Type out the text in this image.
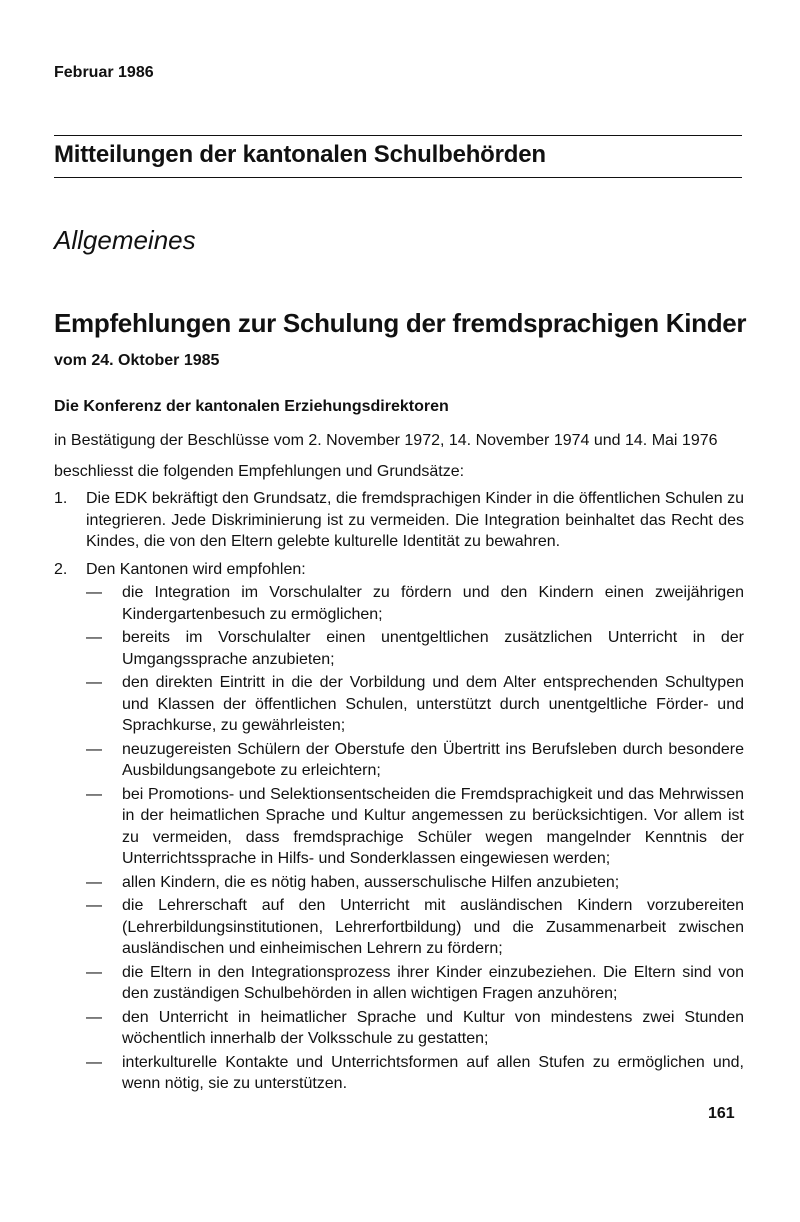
Februar 1986
Mitteilungen der kantonalen Schulbehörden
Allgemeines
Empfehlungen zur Schulung der fremdsprachigen Kinder
vom 24. Oktober 1985
Die Konferenz der kantonalen Erziehungsdirektoren
in Bestätigung der Beschlüsse vom 2. November 1972, 14. November 1974 und 14. Mai 1976
beschliesst die folgenden Empfehlungen und Grundsätze:
1.	Die EDK bekräftigt den Grundsatz, die fremdsprachigen Kinder in die öffentlichen Schulen zu integrieren. Jede Diskriminierung ist zu vermeiden. Die Integration beinhaltet das Recht des Kindes, die von den Eltern gelebte kulturelle Identität zu bewahren.
2.	Den Kantonen wird empfohlen:
—	die Integration im Vorschulalter zu fördern und den Kindern einen zweijährigen Kindergartenbesuch zu ermöglichen;
—	bereits im Vorschulalter einen unentgeltlichen zusätzlichen Unterricht in der Umgangssprache anzubieten;
—	den direkten Eintritt in die der Vorbildung und dem Alter entsprechenden Schultypen und Klassen der öffentlichen Schulen, unterstützt durch unentgeltliche Förder- und Sprachkurse, zu gewährleisten;
—	neuzugereisten Schülern der Oberstufe den Übertritt ins Berufsleben durch besondere Ausbildungsangebote zu erleichtern;
—	bei Promotions- und Selektionsentscheiden die Fremdsprachigkeit und das Mehrwissen in der heimatlichen Sprache und Kultur angemessen zu berücksichtigen. Vor allem ist zu vermeiden, dass fremdsprachige Schüler wegen mangelnder Kenntnis der Unterrichtssprache in Hilfs- und Sonderklassen eingewiesen werden;
—	allen Kindern, die es nötig haben, ausserschulische Hilfen anzubieten;
—	die Lehrerschaft auf den Unterricht mit ausländischen Kindern vorzubereiten (Lehrerbildungsinstitutionen, Lehrerfortbildung) und die Zusammenarbeit zwischen ausländischen und einheimischen Lehrern zu fördern;
—	die Eltern in den Integrationsprozess ihrer Kinder einzubeziehen. Die Eltern sind von den zuständigen Schulbehörden in allen wichtigen Fragen anzuhören;
—	den Unterricht in heimatlicher Sprache und Kultur von mindestens zwei Stunden wöchentlich innerhalb der Volksschule zu gestatten;
—	interkulturelle Kontakte und Unterrichtsformen auf allen Stufen zu ermöglichen und, wenn nötig, sie zu unterstützen.
161
